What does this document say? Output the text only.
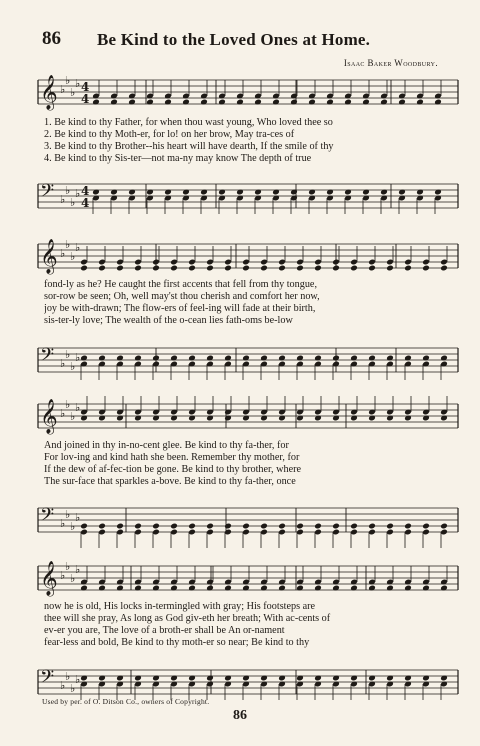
86 Be Kind to the Loved Ones at Home.
Isaac Baker Woodbury.
𝄞 ♭
♭
♭
♭ 4
4
𝄢 ♭
♭
♭
♭ 4
4
1. Be kind to thy Father, for when thou wast young, Who loved thee so
2. Be kind to thy Moth-er, for lo! on her brow, May tra-ces of
3. Be kind to thy Brother--his heart will have dearth, If the smile of thy
4. Be kind to thy Sis-ter—not ma-ny may know The depth of true
𝄞 ♭
♭
♭
♭
𝄢 ♭
♭
♭
♭
fond-ly as he? He caught the first accents that fell from thy tongue,
sor-row be seen; Oh, well may'st thou cherish and comfort her now,
joy be with-drawn; The flow-ers of feel-ing will fade at their birth,
sis-ter-ly love; The wealth of the o-cean lies fath-oms be-low
𝄞 ♭
♭
♭
♭
𝄢 ♭
♭
♭
♭
And joined in thy in-no-cent glee. Be kind to thy fa-ther, for
For lov-ing and kind hath she been. Remember thy mother, for
If the dew of af-fec-tion be gone. Be kind to thy brother, where
The sur-face that sparkles a-bove. Be kind to thy fa-ther, once
𝄞 ♭
♭
♭
♭
𝄢 ♭
♭
♭
♭
now he is old, His locks in-termingled with gray; His footsteps are
thee will she pray, As long as God giv-eth her breath; With ac-cents of
ev-er you are, The love of a broth-er shall be An or-nament
fear-less and bold, Be kind to thy moth-er so near; Be kind to thy
Used by per. of O. Ditson Co., owners of Copyright.
86
